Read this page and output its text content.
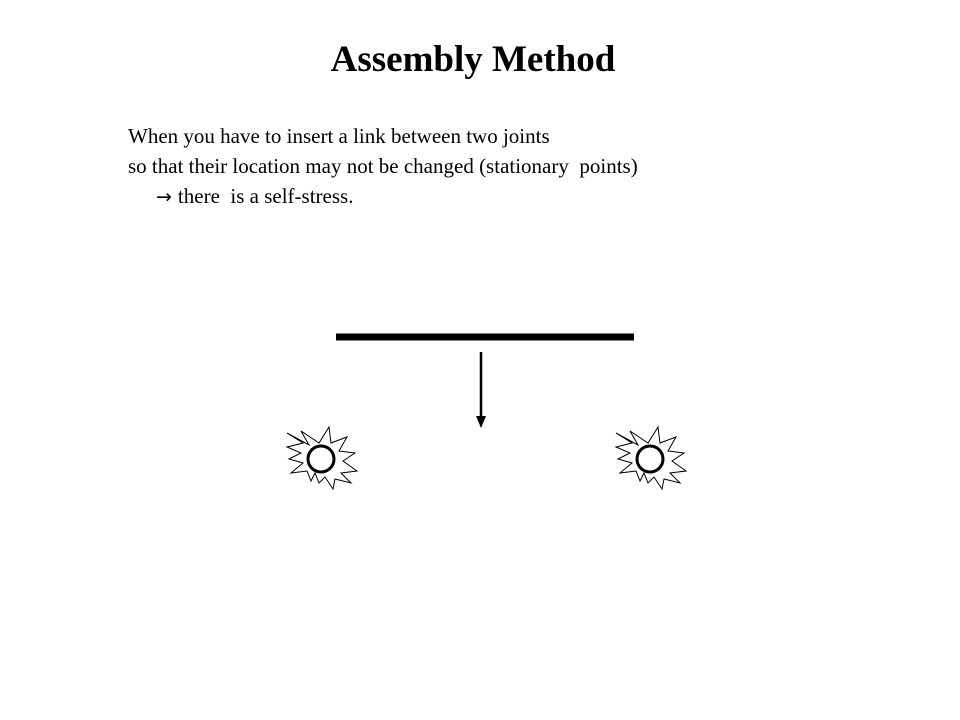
Assembly Method
When you have to insert a link between two joints
so that their location may not be changed (stationary  points)
→ there  is a self-stress.
